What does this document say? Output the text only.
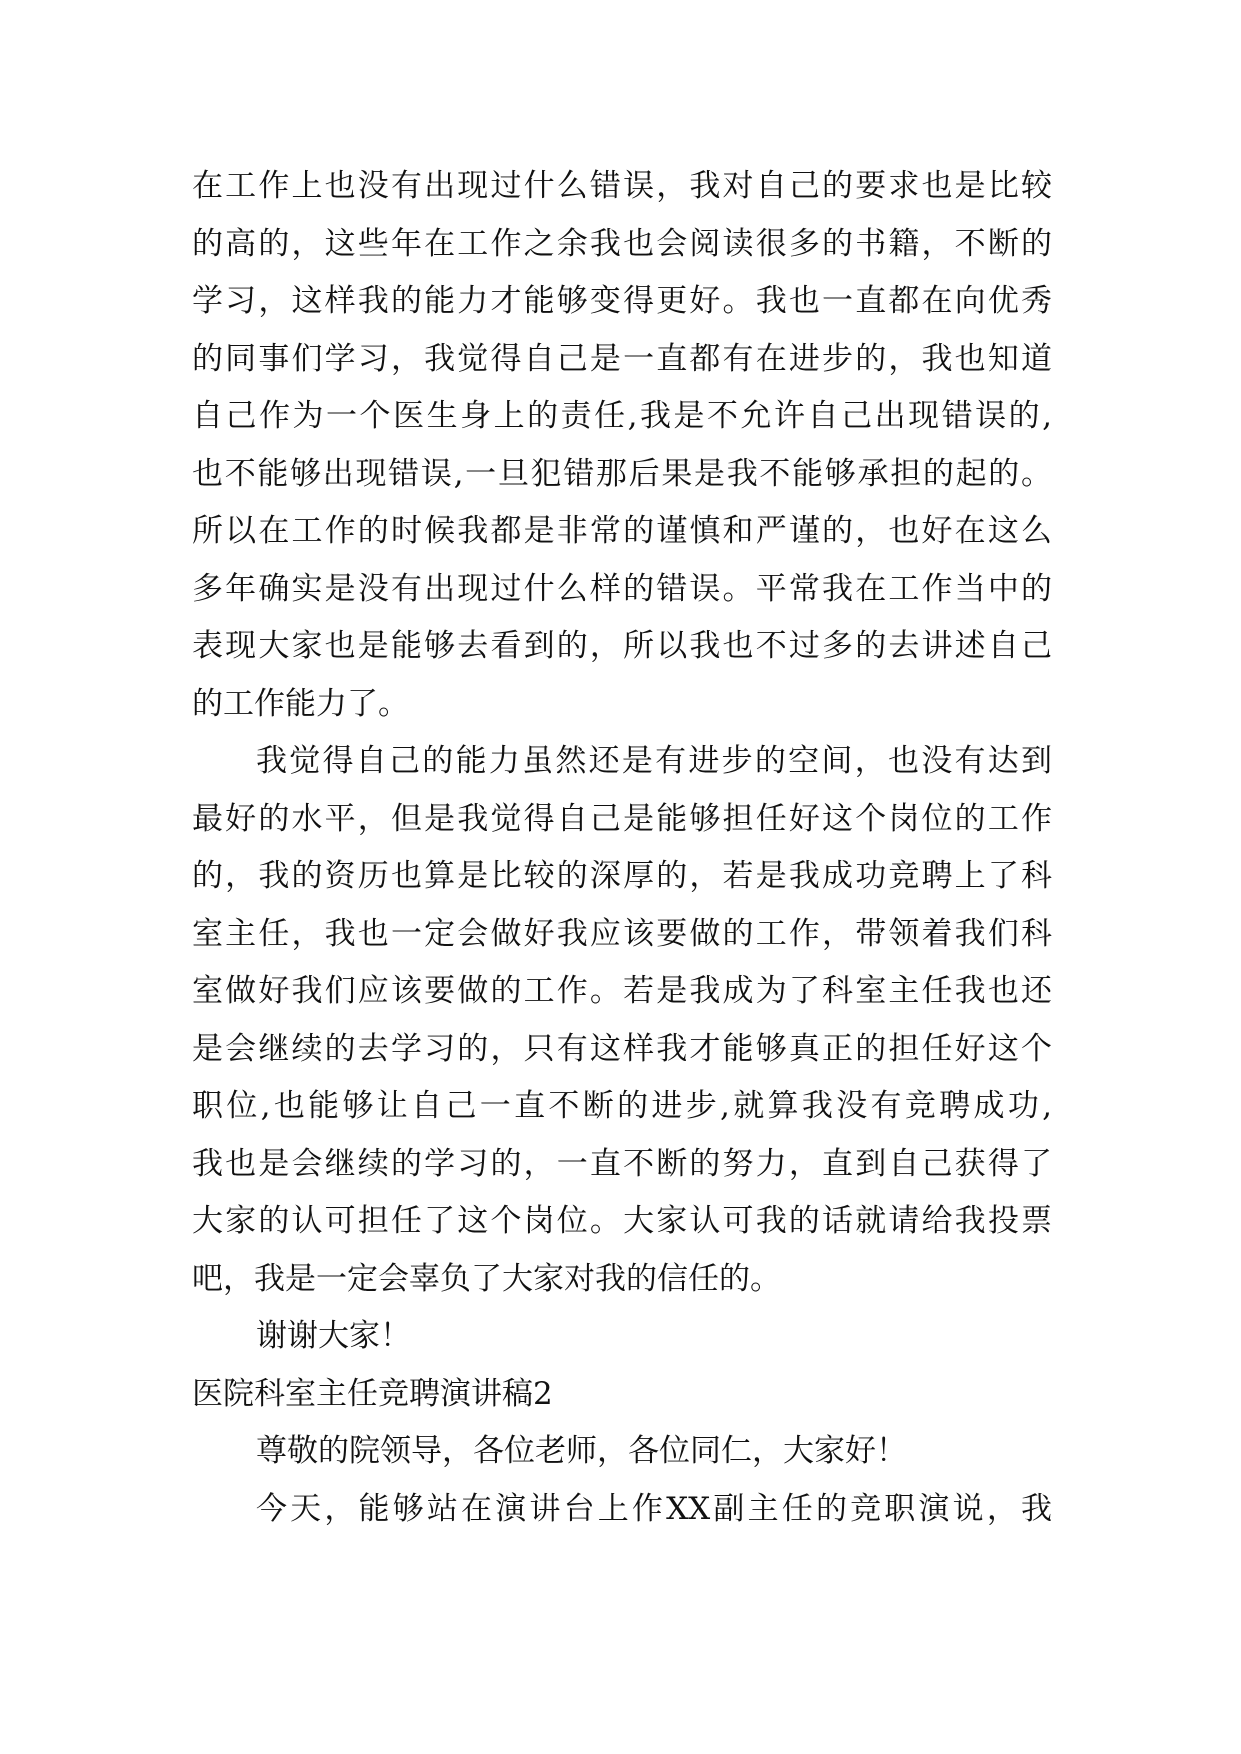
在工作上也没有出现过什么错误，我对自己的要求也是比较
的高的，这些年在工作之余我也会阅读很多的书籍，不断的
学习，这样我的能力才能够变得更好。我也一直都在向优秀
的同事们学习，我觉得自己是一直都有在进步的，我也知道
自己作为一个医生身上的责任,我是不允许自己出现错误的,
也不能够出现错误,一旦犯错那后果是我不能够承担的起的。
所以在工作的时候我都是非常的谨慎和严谨的，也好在这么
多年确实是没有出现过什么样的错误。平常我在工作当中的
表现大家也是能够去看到的，所以我也不过多的去讲述自己
的工作能力了。
我觉得自己的能力虽然还是有进步的空间，也没有达到
最好的水平，但是我觉得自己是能够担任好这个岗位的工作
的，我的资历也算是比较的深厚的，若是我成功竞聘上了科
室主任，我也一定会做好我应该要做的工作，带领着我们科
室做好我们应该要做的工作。若是我成为了科室主任我也还
是会继续的去学习的，只有这样我才能够真正的担任好这个
职位,也能够让自己一直不断的进步,就算我没有竞聘成功,
我也是会继续的学习的，一直不断的努力，直到自己获得了
大家的认可担任了这个岗位。大家认可我的话就请给我投票
吧，我是一定会辜负了大家对我的信任的。
谢谢大家！
医院科室主任竞聘演讲稿2
尊敬的院领导，各位老师，各位同仁，大家好！
今天，能够站在演讲台上作XX副主任的竞职演说，我
